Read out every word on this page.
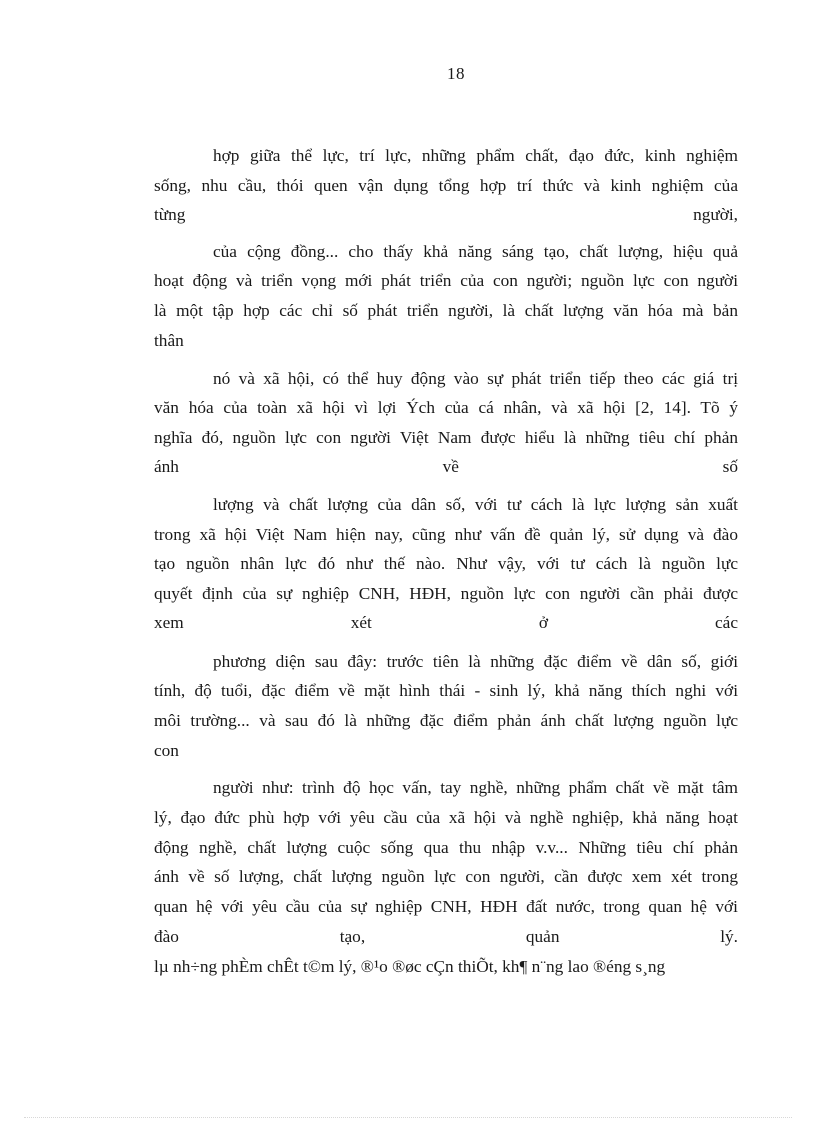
18
hợp giữa thể lực, trí lực, những phẩm chất, đạo đức, kinh nghiệm
sống, nhu cầu, thói quen vận dụng tổng hợp trí thức và kinh nghiệm của
từng người,
của cộng đồng... cho thấy khả năng sáng tạo, chất lượng, hiệu quả
hoạt động và triển vọng mới phát triển của con người; nguồn lực con người
là một tập hợp các chỉ số phát triển người, là chất lượng văn hóa mà bản
thân
nó và xã hội, có thể huy động vào sự phát triển tiếp theo các giá trị
văn hóa của toàn xã hội vì lợi Ých của cá nhân, và xã hội [2, 14]. Tõ ý
nghĩa đó, nguồn lực con người Việt Nam được hiểu là những tiêu chí phản
ánh về số
lượng và chất lượng của dân số, với tư cách là lực lượng sản xuất
trong xã hội Việt Nam hiện nay, cũng như vấn đề quản lý, sử dụng và đào
tạo nguồn nhân lực đó như thế nào. Như vậy, với tư cách là nguồn lực
quyết định của sự nghiệp CNH, HĐH, nguồn lực con người cần phải được
xem xét ở các
phương diện sau đây: trước tiên là những đặc điểm về dân số, giới
tính, độ tuổi, đặc điểm về mặt hình thái - sinh lý, khả năng thích nghi với
môi trường... và sau đó là những đặc điểm phản ánh chất lượng nguồn lực
con
người như: trình độ học vấn, tay nghề, những phẩm chất về mặt tâm
lý, đạo đức phù hợp với yêu cầu của xã hội và nghề nghiệp, khả năng hoạt
động nghề, chất lượng cuộc sống qua thu nhập v.v... Những tiêu chí phản
ánh về số lượng, chất lượng nguồn lực con người, cần được xem xét trong
quan hệ với yêu cầu của sự nghiệp CNH, HĐH đất nước, trong quan hệ với
đào tạo, quản lý.
lµ nh÷ng phÈm chÊt t©m lý, ®¹o ®øc cÇn thiÕt, kh¶ n¨ng lao ®éng s¸ng
